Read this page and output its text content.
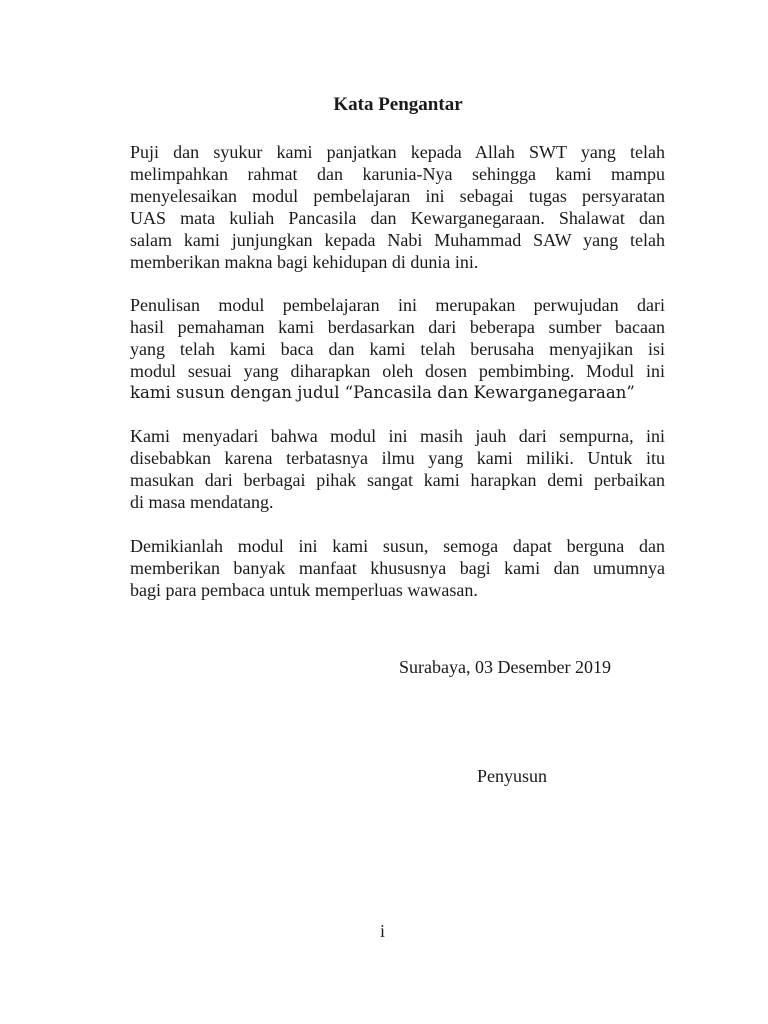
Kata Pengantar
Puji dan syukur kami panjatkan kepada Allah SWT yang telah
melimpahkan rahmat dan karunia-Nya sehingga kami mampu
menyelesaikan modul pembelajaran ini sebagai tugas persyaratan
UAS mata kuliah Pancasila dan Kewarganegaraan. Shalawat dan
salam kami junjungkan kepada Nabi Muhammad SAW yang telah
memberikan makna bagi kehidupan di dunia ini.
Penulisan modul pembelajaran ini merupakan perwujudan dari
hasil pemahaman kami berdasarkan dari beberapa sumber bacaan
yang telah kami baca dan kami telah berusaha menyajikan isi
modul sesuai yang diharapkan oleh dosen pembimbing. Modul ini
kami susun dengan judul “Pancasila dan Kewarganegaraan”
Kami menyadari bahwa modul ini masih jauh dari sempurna, ini
disebabkan karena terbatasnya ilmu yang kami miliki. Untuk itu
masukan dari berbagai pihak sangat kami harapkan demi perbaikan
di masa mendatang.
Demikianlah modul ini kami susun, semoga dapat berguna dan
memberikan banyak manfaat khususnya bagi kami dan umumnya
bagi para pembaca untuk memperluas wawasan.
Surabaya, 03 Desember 2019
Penyusun
i
